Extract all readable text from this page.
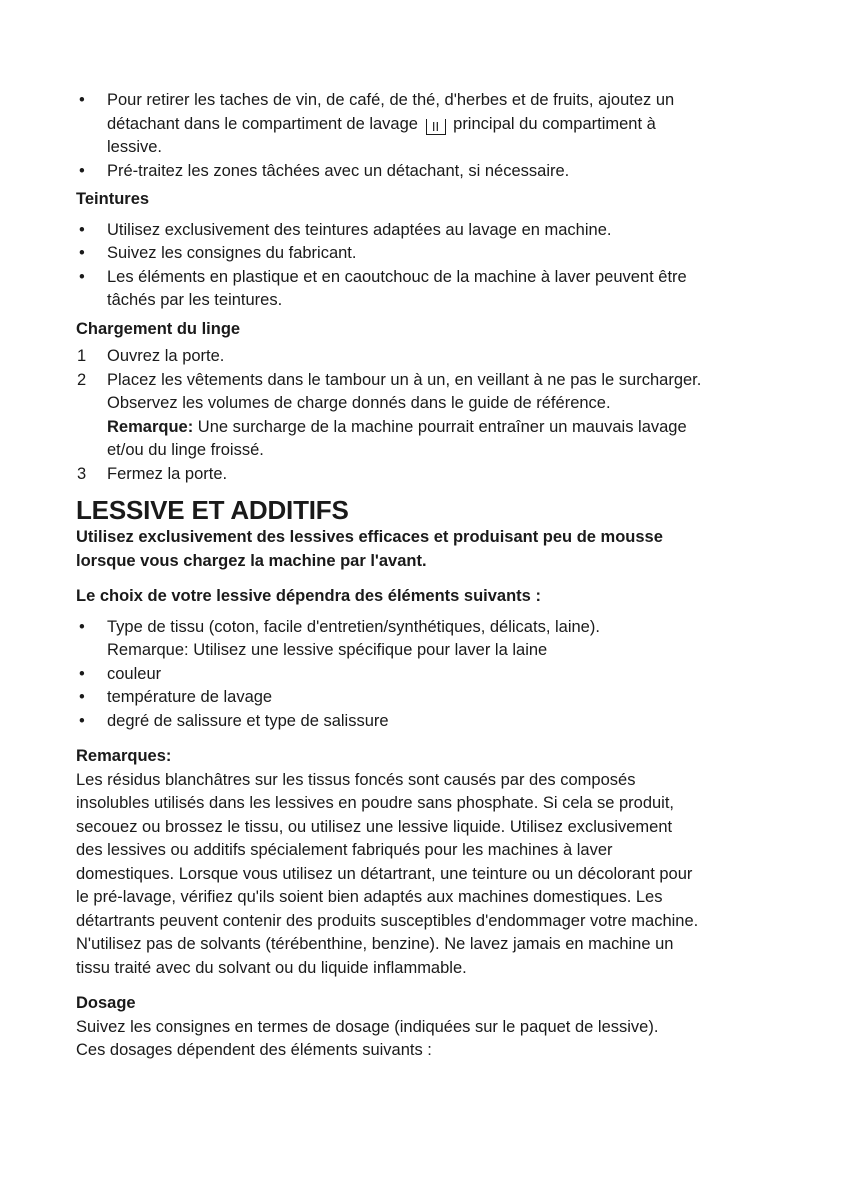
• Pour retirer les taches de vin, de café, de thé, d'herbes et de fruits, ajoutez un
détachant dans le compartiment de lavage II principal du compartiment à
lessive.
• Pré-traitez les zones tâchées avec un détachant, si nécessaire.
Teintures
• Utilisez exclusivement des teintures adaptées au lavage en machine.
• Suivez les consignes du fabricant.
• Les éléments en plastique et en caoutchouc de la machine à laver peuvent être
tâchés par les teintures.
Chargement du linge
1 Ouvrez la porte.
2 Placez les vêtements dans le tambour un à un, en veillant à ne pas le surcharger.
Observez les volumes de charge donnés dans le guide de référence.
Remarque: Une surcharge de la machine pourrait entraîner un mauvais lavage
et/ou du linge froissé.
3 Fermez la porte.
LESSIVE ET ADDITIFS
Utilisez exclusivement des lessives efficaces et produisant peu de mousse
lorsque vous chargez la machine par l'avant.
Le choix de votre lessive dépendra des éléments suivants :
• Type de tissu (coton, facile d'entretien/synthétiques, délicats, laine).
Remarque: Utilisez une lessive spécifique pour laver la laine
• couleur
• température de lavage
• degré de salissure et type de salissure
Remarques:
Les résidus blanchâtres sur les tissus foncés sont causés par des composés
insolubles utilisés dans les lessives en poudre sans phosphate. Si cela se produit,
secouez ou brossez le tissu, ou utilisez une lessive liquide. Utilisez exclusivement
des lessives ou additifs spécialement fabriqués pour les machines à laver
domestiques. Lorsque vous utilisez un détartrant, une teinture ou un décolorant pour
le pré-lavage, vérifiez qu'ils soient bien adaptés aux machines domestiques. Les
détartrants peuvent contenir des produits susceptibles d'endommager votre machine.
N'utilisez pas de solvants (térébenthine, benzine). Ne lavez jamais en machine un
tissu traité avec du solvant ou du liquide inflammable.
Dosage
Suivez les consignes en termes de dosage (indiquées sur le paquet de lessive).
Ces dosages dépendent des éléments suivants :
